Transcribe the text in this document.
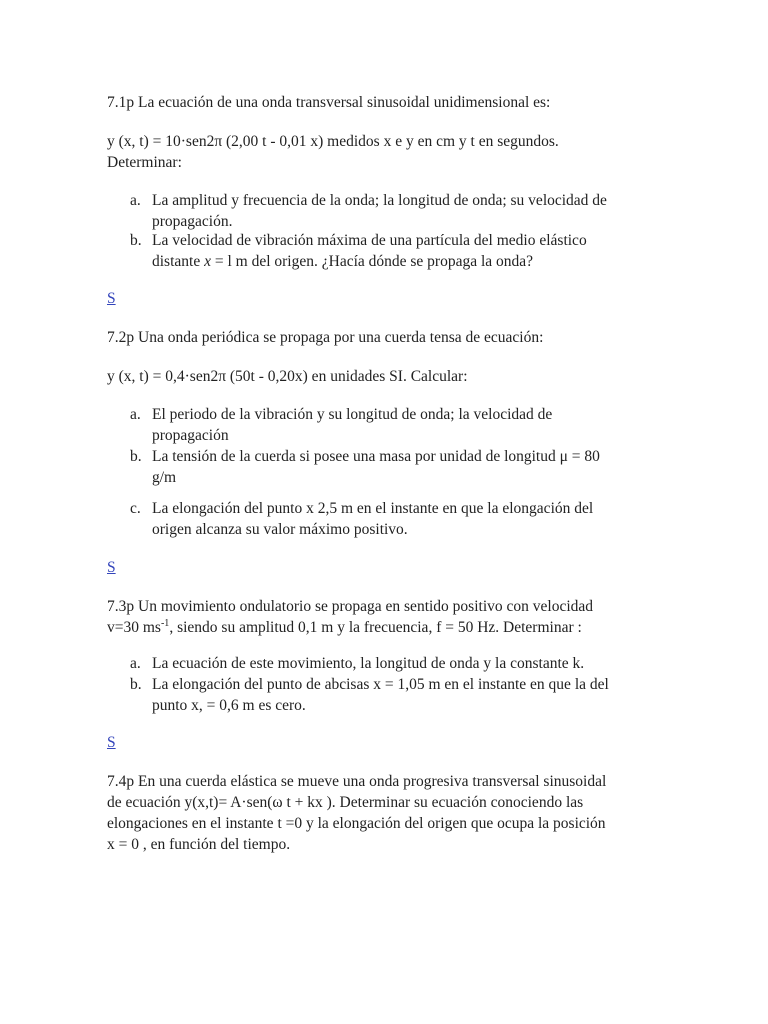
7.1p La ecuación de una onda transversal sinusoidal unidimensional es:

y (x, t) = 10·sen2π (2,00 t - 0,01 x) medidos x e y en cm y t en segundos.
Determinar:
a. La amplitud y frecuencia de la onda; la longitud de onda; su velocidad de
propagación.
b. La velocidad de vibración máxima de una partícula del medio elástico
distante x = l m del origen. ¿Hacía dónde se propaga la onda?
S

7.2p Una onda periódica se propaga por una cuerda tensa de ecuación:

y (x, t) = 0,4·sen2π (50t - 0,20x) en unidades SI. Calcular:

a. El periodo de la vibración y su longitud de onda; la velocidad de
propagación
b. La tensión de la cuerda si posee una masa por unidad de longitud μ = 80
g/m
c. La elongación del punto x 2,5 m en el instante en que la elongación del
origen alcanza su valor máximo positivo.
S
7.3p Un movimiento ondulatorio se propaga en sentido positivo con velocidad
v=30 $ms^{-1}$, siendo su amplitud 0,1 m y la frecuencia, f = 50 Hz. Determinar :
a. La ecuación de este movimiento, la longitud de onda y la constante k.
b. La elongación del punto de abcisas x = 1,05 m en el instante en que la del
punto x, = 0,6 m es cero.
S
7.4p En una cuerda elástica se mueve una onda progresiva transversal sinusoidal
de ecuación y(x,t)= A·sen(ω t + kx ). Determinar su ecuación conociendo las
elongaciones en el instante t =0 y la elongación del origen que ocupa la posición
x = 0 , en función del tiempo.
